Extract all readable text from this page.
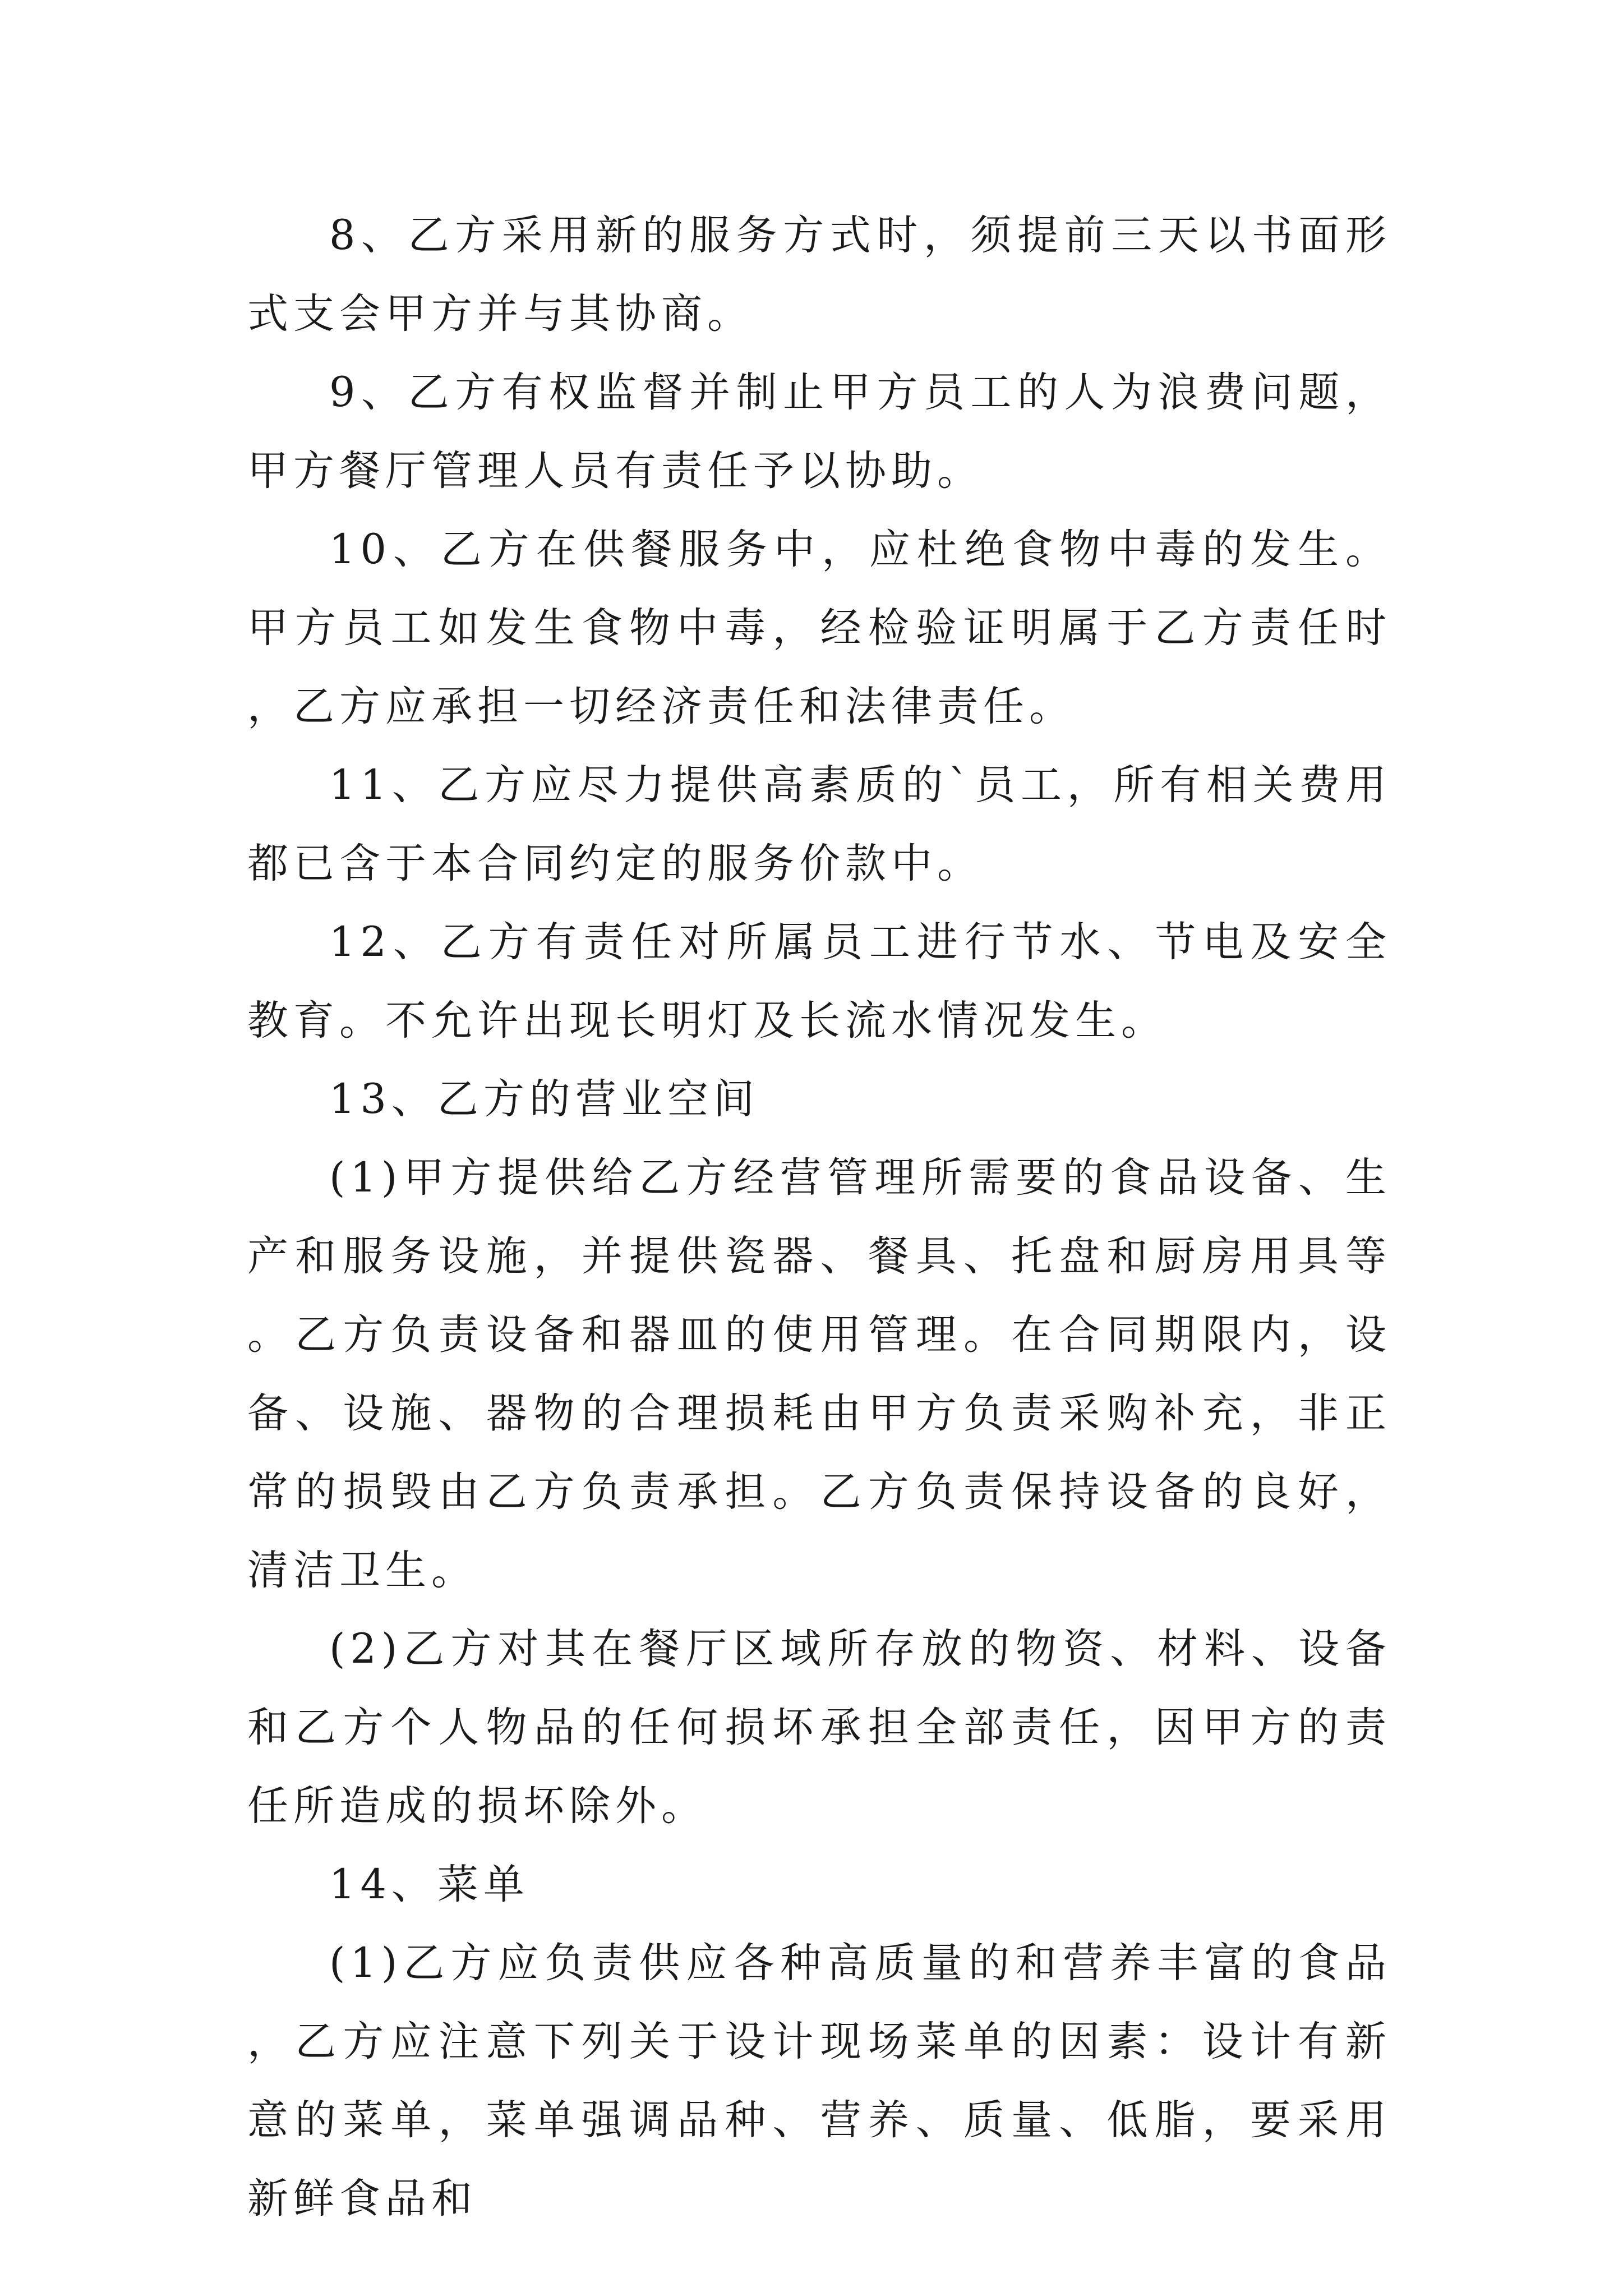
8、乙方采用新的服务方式时，须提前三天以书面形式支会甲方并与其协商。

9、乙方有权监督并制止甲方员工的人为浪费问题，甲方餐厅管理人员有责任予以协助。

10、乙方在供餐服务中，应杜绝食物中毒的发生。甲方员工如发生食物中毒，经检验证明属于乙方责任时，乙方应承担一切经济责任和法律责任。

11、乙方应尽力提供高素质的`员工，所有相关费用都已含于本合同约定的服务价款中。

12、乙方有责任对所属员工进行节水、节电及安全教育。不允许出现长明灯及长流水情况发生。

13、乙方的营业空间

(1)甲方提供给乙方经营管理所需要的食品设备、生产和服务设施，并提供瓷器、餐具、托盘和厨房用具等。乙方负责设备和器皿的使用管理。在合同期限内，设备、设施、器物的合理损耗由甲方负责采购补充，非正常的损毁由乙方负责承担。乙方负责保持设备的良好，清洁卫生。

(2)乙方对其在餐厅区域所存放的物资、材料、设备和乙方个人物品的任何损坏承担全部责任，因甲方的责任所造成的损坏除外。

14、菜单

(1)乙方应负责供应各种高质量的和营养丰富的食品，乙方应注意下列关于设计现场菜单的因素：设计有新意的菜单，菜单强调品种、营养、质量、低脂，要采用新鲜食品和
